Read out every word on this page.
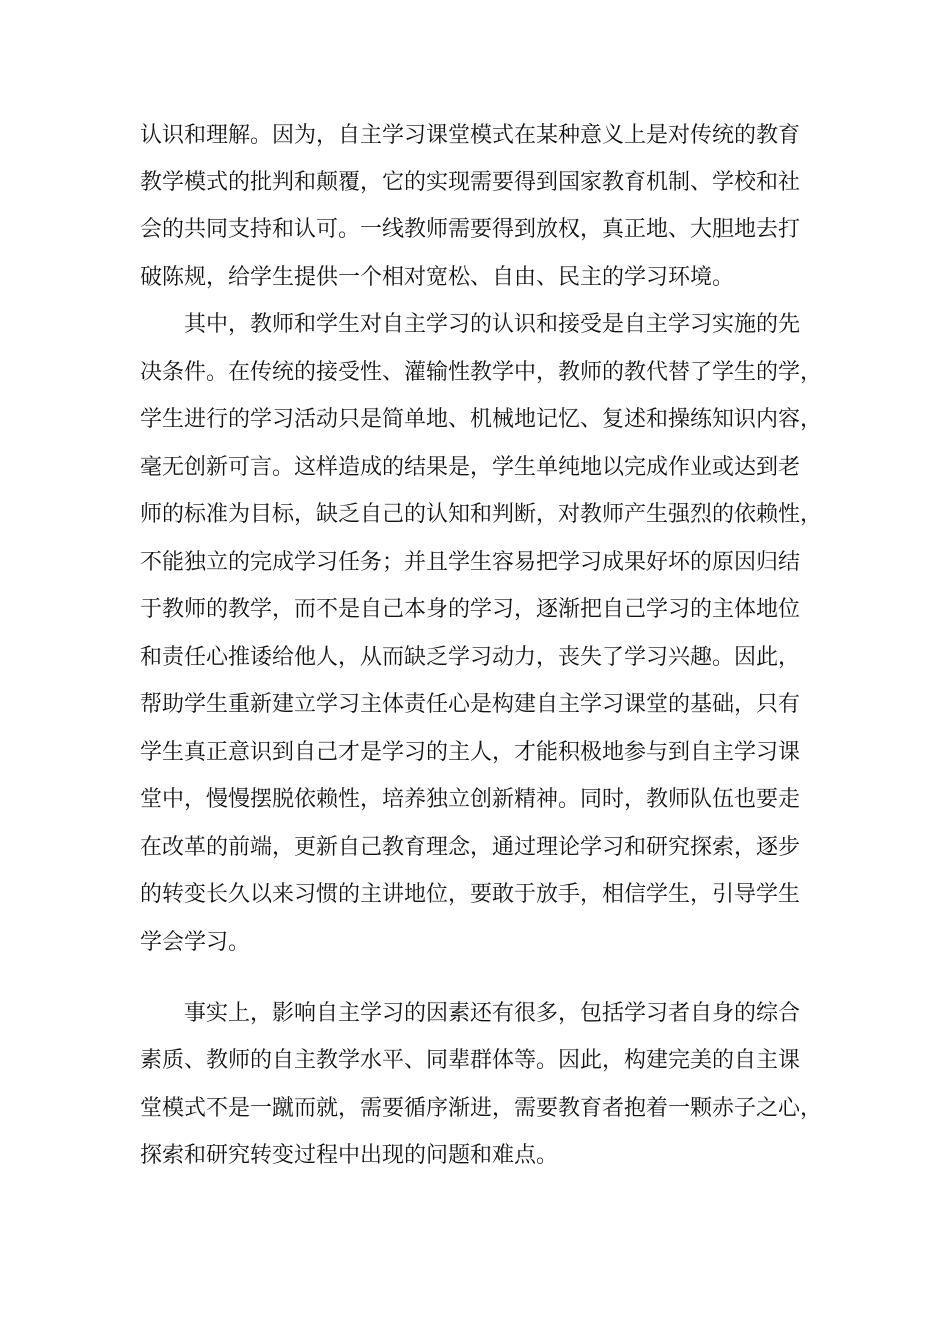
认识和理解。因为，自主学习课堂模式在某种意义上是对传统的教育

教学模式的批判和颠覆，它的实现需要得到国家教育机制、学校和社

会的共同支持和认可。一线教师需要得到放权，真正地、大胆地去打

破陈规，给学生提供一个相对宽松、自由、民主的学习环境。

其中，教师和学生对自主学习的认识和接受是自主学习实施的先

决条件。在传统的接受性、灌输性教学中，教师的教代替了学生的学，

学生进行的学习活动只是简单地、机械地记忆、复述和操练知识内容，

毫无创新可言。这样造成的结果是，学生单纯地以完成作业或达到老

师的标准为目标，缺乏自己的认知和判断，对教师产生强烈的依赖性，

不能独立的完成学习任务；并且学生容易把学习成果好坏的原因归结

于教师的教学，而不是自己本身的学习，逐渐把自己学习的主体地位

和责任心推诿给他人，从而缺乏学习动力，丧失了学习兴趣。因此，

帮助学生重新建立学习主体责任心是构建自主学习课堂的基础，只有

学生真正意识到自己才是学习的主人，才能积极地参与到自主学习课

堂中，慢慢摆脱依赖性，培养独立创新精神。同时，教师队伍也要走

在改革的前端，更新自己教育理念，通过理论学习和研究探索，逐步

的转变长久以来习惯的主讲地位，要敢于放手，相信学生，引导学生

学会学习。

事实上，影响自主学习的因素还有很多，包括学习者自身的综合

素质、教师的自主教学水平、同辈群体等。因此，构建完美的自主课

堂模式不是一蹴而就，需要循序渐进，需要教育者抱着一颗赤子之心，

探索和研究转变过程中出现的问题和难点。
